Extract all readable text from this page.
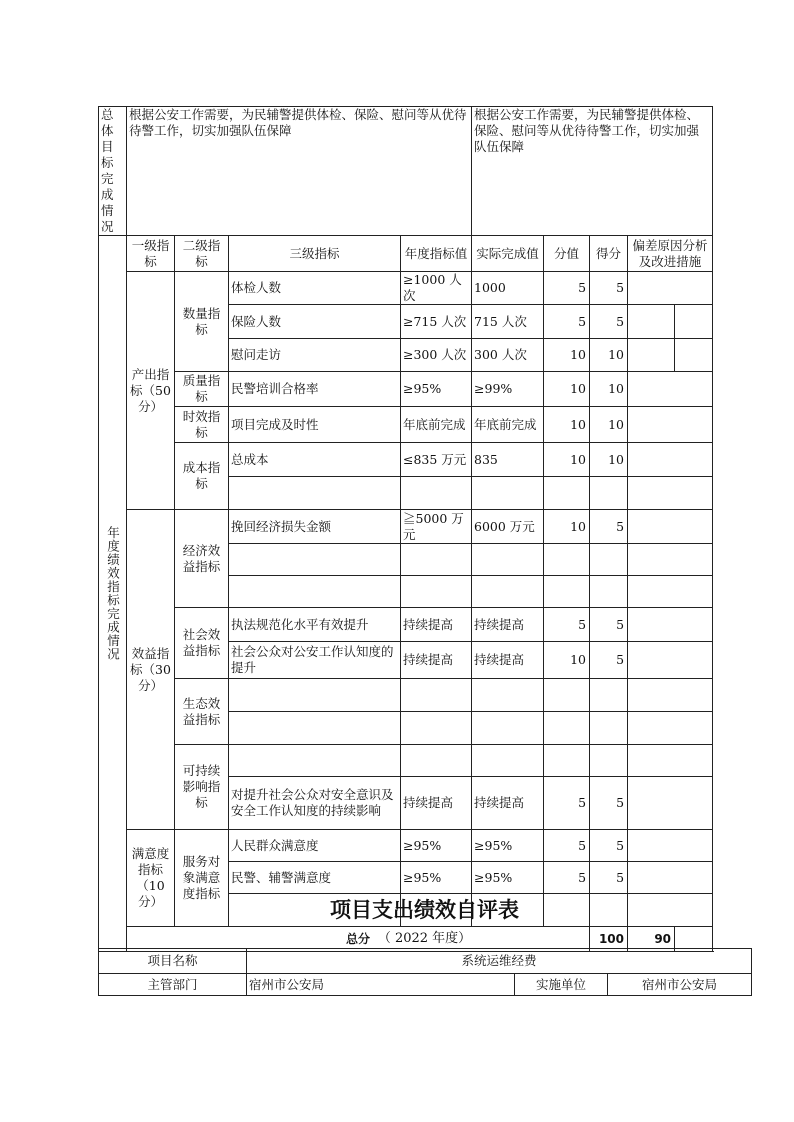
总体目标完成情况	根据公安工作需要，为民辅警提供体检、保险、慰问等从优待待警工作，切实加强队伍保障				根据公安工作需要，为民辅警提供体检、保险、慰问等从优待待警工作，切实加强队伍保障				

年度绩效指标完成情况	一级指标	二级指标	三级指标	年度指标值	实际完成值	分值	得分	偏差原因分析及改进措施	
	产出指标（50 分）	数量指标	体检人数	≥1000 人次	1000	5	5		
			保险人数	≥715 人次	715 人次	5	5		
			慰问走访	≥300 人次	300 人次	10	10		
		质量指标	民警培训合格率	≥95%	≥99%	10	10		
		时效指标	项目完成及时性	年底前完成	年底前完成	10	10		
		成本指标	总成本	≤835 万元	835	10	10		

	效益指标（30 分）	经济效益指标	挽回经济损失金额	≧5000 万元	6000 万元	10	5		

		社会效益指标	执法规范化水平有效提升	持续提高	持续提高	5	5		
			社会公众对公安工作认知度的提升	持续提高	持续提高	10	5		
		生态效益指标							

		可持续影响指标							
			对提升社会公众对安全意识及安全工作认知度的持续影响	持续提高	持续提高	5	5		
	满意度指标（10 分）	服务对象满意度指标	人民群众满意度	≥95%	≥95%	5	5		
			民警、辅警满意度	≥95%	≥95%	5	5		

	总分						100	90	
项目支出绩效自评表
（ 2022 年度）
项目名称	系统运维经费		
主管部门	宿州市公安局	实施单位	宿州市公安局
